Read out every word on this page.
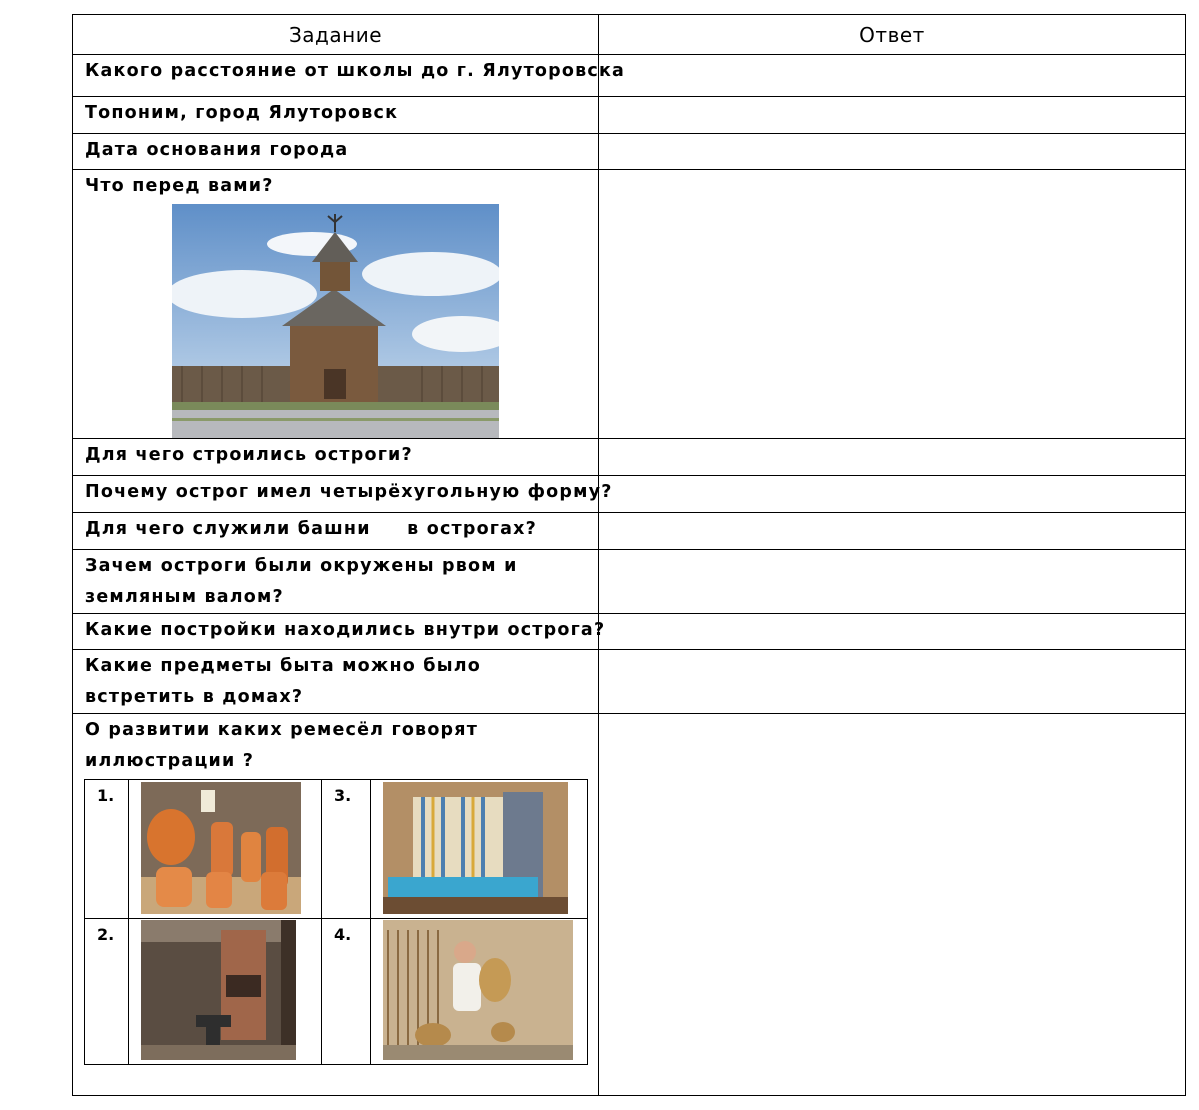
Задание	Ответ
Какого расстояние от школы до г. Ялуторовска	
Топоним, город Ялуторовск	
Дата основания города	

Что перед вами?

Для чего строились остроги?	
Почему острог имел четырёхугольную форму?	
Для чего служили башни     в острогах?	
Зачем остроги были окружены рвом и земляным валом?	
Какие постройки находились внутри острога?	
Какие предметы быта можно было встретить в домах?	

О развитии каких ремесёл говорят иллюстрации ?
1.		3.	
2.		4.	
